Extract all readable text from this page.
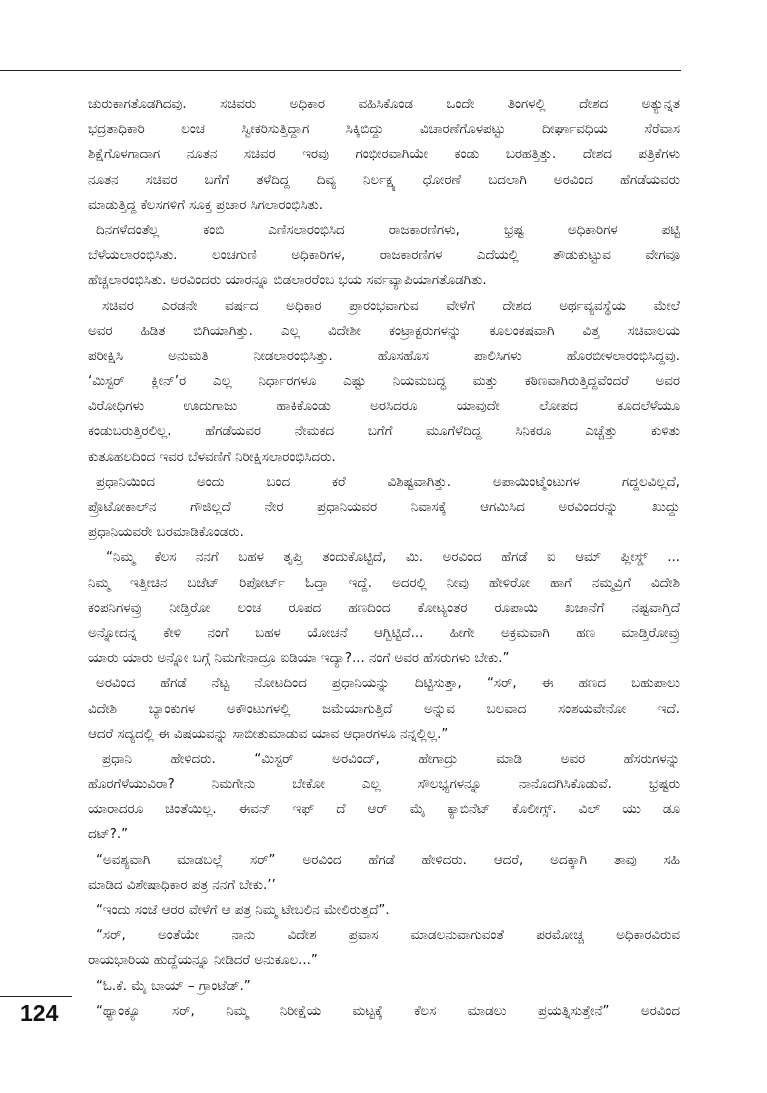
ಚುರುಕಾಗತೊಡಗಿದವು. ಸಚಿವರು ಅಧಿಕಾರ ವಹಿಸಿಕೊಂಡ ಒಂದೇ ತಿಂಗಳಲ್ಲಿ ದೇಶದ ಅತ್ಯುನ್ನತ
ಭದ್ರತಾಧಿಕಾರಿ ಲಂಚ ಸ್ವೀಕರಿಸುತ್ತಿದ್ದಾಗ ಸಿಕ್ಕಿಬಿದ್ದು ವಿಚಾರಣೆಗೊಳಪಟ್ಟು ದೀರ್ಘಾವಧಿಯ ಸೆರೆವಾಸ
ಶಿಕ್ಷೆಗೊಳಗಾದಾಗ ನೂತನ ಸಚಿವರ ಇರವು ಗಂಭೀರವಾಗಿಯೇ ಕಂಡು ಬರಹತ್ತಿತ್ತು. ದೇಶದ ಪತ್ರಿಕೆಗಳು
ನೂತನ ಸಚಿವರ ಬಗೆಗೆ ತಳೆದಿದ್ದ ದಿವ್ಯ ನಿರ್ಲಕ್ಷ್ಯ ಧೋರಣೆ ಬದಲಾಗಿ ಅರವಿಂದ ಹೆಗಡೆಯವರು
ಮಾಡುತ್ತಿದ್ದ ಕೆಲಸಗಳಿಗೆ ಸೂಕ್ತ ಪ್ರಚಾರ ಸಿಗಲಾರಂಭಿಸಿತು.
ದಿನಗಳೆದಂತೆಲ್ಲ ಕಂಬಿ ಎಣಿಸಲಾರಂಭಿಸಿದ ರಾಜಕಾರಣಿಗಳು, ಭ್ರಷ್ಟ ಅಧಿಕಾರಿಗಳ ಪಟ್ಟಿ
ಬೆಳೆಯಲಾರಂಭಿಸಿತು. ಲಂಚಗುಣಿ ಅಧಿಕಾರಿಗಳ, ರಾಜಕಾರಣಿಗಳ ಎದೆಯಲ್ಲಿ ತೌಡುಕುಟ್ಟುವ ವೇಗವೂ
ಹೆಚ್ಚಲಾರಂಭಿಸಿತು. ಅರವಿಂದರು ಯಾರನ್ನೂ ಬಿಡಲಾರರೆಂಬ ಭಯ ಸರ್ವವ್ಯಾಪಿಯಾಗತೊಡಗಿತು.
ಸಚಿವರ ಎರಡನೇ ವರ್ಷದ ಅಧಿಕಾರ ಪ್ರಾರಂಭವಾಗುವ ವೇಳೆಗೆ ದೇಶದ ಅರ್ಥವ್ಯವಸ್ಥೆಯ ಮೇಲೆ
ಅವರ ಹಿಡಿತ ಬಿಗಿಯಾಗಿತ್ತು. ಎಲ್ಲ ವಿದೇಶೀ ಕಂಟ್ರಾಕ್ಟರುಗಳನ್ನು ಕೂಲಂಕಷವಾಗಿ ವಿತ್ತ ಸಚಿವಾಲಯ
ಪರೀಕ್ಷಿಸಿ ಅನುಮತಿ ನೀಡಲಾರಂಭಿಸಿತ್ತು. ಹೊಸಹೊಸ ಪಾಲಿಸಿಗಳು ಹೊರಬೀಳಲಾರಂಭಿಸಿದ್ದವು.
‘ಮಿಸ್ಟರ್ ಕ್ಲೀನ್’ರ ಎಲ್ಲ ನಿರ್ಧಾರಗಳೂ ಎಷ್ಟು ನಿಯಮಬದ್ಧ ಮತ್ತು ಕಠಿಣವಾಗಿರುತ್ತಿದ್ದವೆಂದರೆ ಅವರ
ವಿರೋಧಿಗಳು ಊದುಗಾಜು ಹಾಕಿಕೊಂಡು ಅರಸಿದರೂ ಯಾವುದೇ ಲೋಪದ ಕೂದಲೆಳೆಯೂ
ಕಂಡುಬರುತ್ತಿರಲಿಲ್ಲ. ಹೆಗಡೆಯವರ ನೇಮಕದ ಬಗೆಗೆ ಮೂಗೆಳೆದಿದ್ದ ಸಿನಿಕರೂ ಎಚ್ಚೆತ್ತು ಕುಳಿತು
ಕುತೂಹಲದಿಂದ ಇವರ ಬೆಳವಣಿಗೆ ನಿರೀಕ್ಷಿಸಲಾರಂಭಿಸಿದರು.
ಪ್ರಧಾನಿಯಿಂದ ಅಂದು ಬಂದ ಕರೆ ವಿಶಿಷ್ಟವಾಗಿತ್ತು. ಅಪಾಯಿಂಟ್ಮೆಂಟುಗಳ ಗದ್ದಲವಿಲ್ಲದೆ,
ಪ್ರೊಟೋಕಾಲ್‌ನ ಗೌಜಿಲ್ಲದೆ ನೇರ ಪ್ರಧಾನಿಯವರ ನಿವಾಸಕ್ಕೆ ಆಗಮಿಸಿದ ಅರವಿಂದರನ್ನು ಖುದ್ದು
ಪ್ರಧಾನಿಯವರೇ ಬರಮಾಡಿಕೊಂಡರು.
“ನಿಮ್ಮ ಕೆಲಸ ನನಗೆ ಬಹಳ ತೃಪ್ತಿ ತಂದುಕೊಟ್ಟಿದೆ, ಮಿ. ಅರವಿಂದ ಹೆಗಡೆ ಐ ಆಮ್ ಪ್ಲೀಸ್ಡ್ ...
ನಿಮ್ಮ ಇತ್ತೀಚಿನ ಬಜೆಟ್ ರಿಪೋರ್ಟ್ ಓದ್ತಾ ಇದ್ದೆ. ಅದರಲ್ಲಿ ನೀವು ಹೇಳಿರೋ ಹಾಗೆ ನಮ್ಮವ್ರಿಗೆ ವಿದೇಶಿ
ಕಂಪನಿಗಳವ್ರು ನೀಡ್ತಿರೋ ಲಂಚ ರೂಪದ ಹಣದಿಂದ ಕೋಟ್ಯಂತರ ರೂಪಾಯಿ ಖಜಾನೆಗೆ ನಷ್ಟವಾಗ್ತಿದೆ
ಅನ್ನೋದನ್ನ ಕೇಳಿ ನಂಗೆ ಬಹಳ ಯೋಚನೆ ಆಗ್ಬಿಟ್ಟಿದೆ... ಹೀಗೇ ಅಕ್ರಮವಾಗಿ ಹಣ ಮಾಡ್ತಿರೋವ್ರು
ಯಾರು ಯಾರು ಅನ್ನೋ ಬಗ್ಗೆ ನಿಮಗೇನಾದ್ರೂ ಐಡಿಯಾ ಇದ್ಯಾ?... ನಂಗೆ ಅವರ ಹೆಸರುಗಳು ಬೇಕು.”
ಅರವಿಂದ ಹೆಗಡೆ ನೆಟ್ಟ ನೋಟದಿಂದ ಪ್ರಧಾನಿಯನ್ನು ದಿಟ್ಟಿಸುತ್ತಾ, “ಸರ್, ಈ ಹಣದ ಬಹುಪಾಲು
ವಿದೇಶಿ ಬ್ಯಾಂಕುಗಳ ಅಕೌಂಟುಗಳಲ್ಲಿ ಜಮೆಯಾಗುತ್ತಿದೆ ಅನ್ನುವ ಬಲವಾದ ಸಂಶಯವೇನೋ ಇದೆ.
ಆದರೆ ಸದ್ಯದಲ್ಲಿ ಈ ವಿಷಯವನ್ನು ಸಾಬೀತುಮಾಡುವ ಯಾವ ಆಧಾರಗಳೂ ನನ್ನಲ್ಲಿಲ್ಲ.”
ಪ್ರಧಾನಿ ಹೇಳಿದರು. “ಮಿಸ್ಟರ್ ಅರವಿಂದ್, ಹೇಗಾದ್ರು ಮಾಡಿ ಅವರ ಹೆಸರುಗಳನ್ನು
ಹೊರಗೆಳೆಯುವಿರಾ? ನಿಮಗೇನು ಬೇಕೋ ಎಲ್ಲ ಸೌಲಭ್ಯಗಳನ್ನೂ ನಾನೊದಗಿಸಿಕೊಡುವೆ. ಭ್ರಷ್ಟರು
ಯಾರಾದರೂ ಚಿಂತೆಯಿಲ್ಲ. ಈವನ್ ಇಫ್ ದೆ ಆರ್ ಮೈ ಕ್ಯಾಬಿನೆಟ್ ಕೊಲೀಗ್ಸ್. ವಿಲ್ ಯು ಡೂ
ದಟ್?.”
“ಅವಶ್ಯವಾಗಿ ಮಾಡಬಲ್ಲೆ ಸರ್” ಅರವಿಂದ ಹೆಗಡೆ ಹೇಳಿದರು. ಆದರೆ, ಅದಕ್ಕಾಗಿ ತಾವು ಸಹಿ
ಮಾಡಿದ ವಿಶೇಷಾಧಿಕಾರ ಪತ್ರ ನನಗೆ ಬೇಕು.’’
“ಇಂದು ಸಂಜೆ ಆರರ ವೇಳೆಗೆ ಆ ಪತ್ರ ನಿಮ್ಮ ಟೇಬಲಿನ ಮೇಲಿರುತ್ತದೆ”.
“ಸರ್, ಅಂತೆಯೇ ನಾನು ವಿದೇಶ ಪ್ರವಾಸ ಮಾಡಲನುವಾಗುವಂತೆ ಪರಮೋಚ್ಚ ಅಧಿಕಾರವಿರುವ
ರಾಯಭಾರಿಯ ಹುದ್ದೆಯನ್ನೂ ನೀಡಿದರೆ ಅನುಕೂಲ...”
“ಓ.ಕೆ. ಮೈ ಬಾಯ್ – ಗ್ರಾಂಟೆಡ್.”
“ಥ್ಯಾಂಕ್ಯೂ ಸರ್, ನಿಮ್ಮ ನಿರೀಕ್ಷೆಯ ಮಟ್ಟಕ್ಕೆ ಕೆಲಸ ಮಾಡಲು ಪ್ರಯತ್ನಿಸುತ್ತೇನೆ” ಅರವಿಂದ
124
